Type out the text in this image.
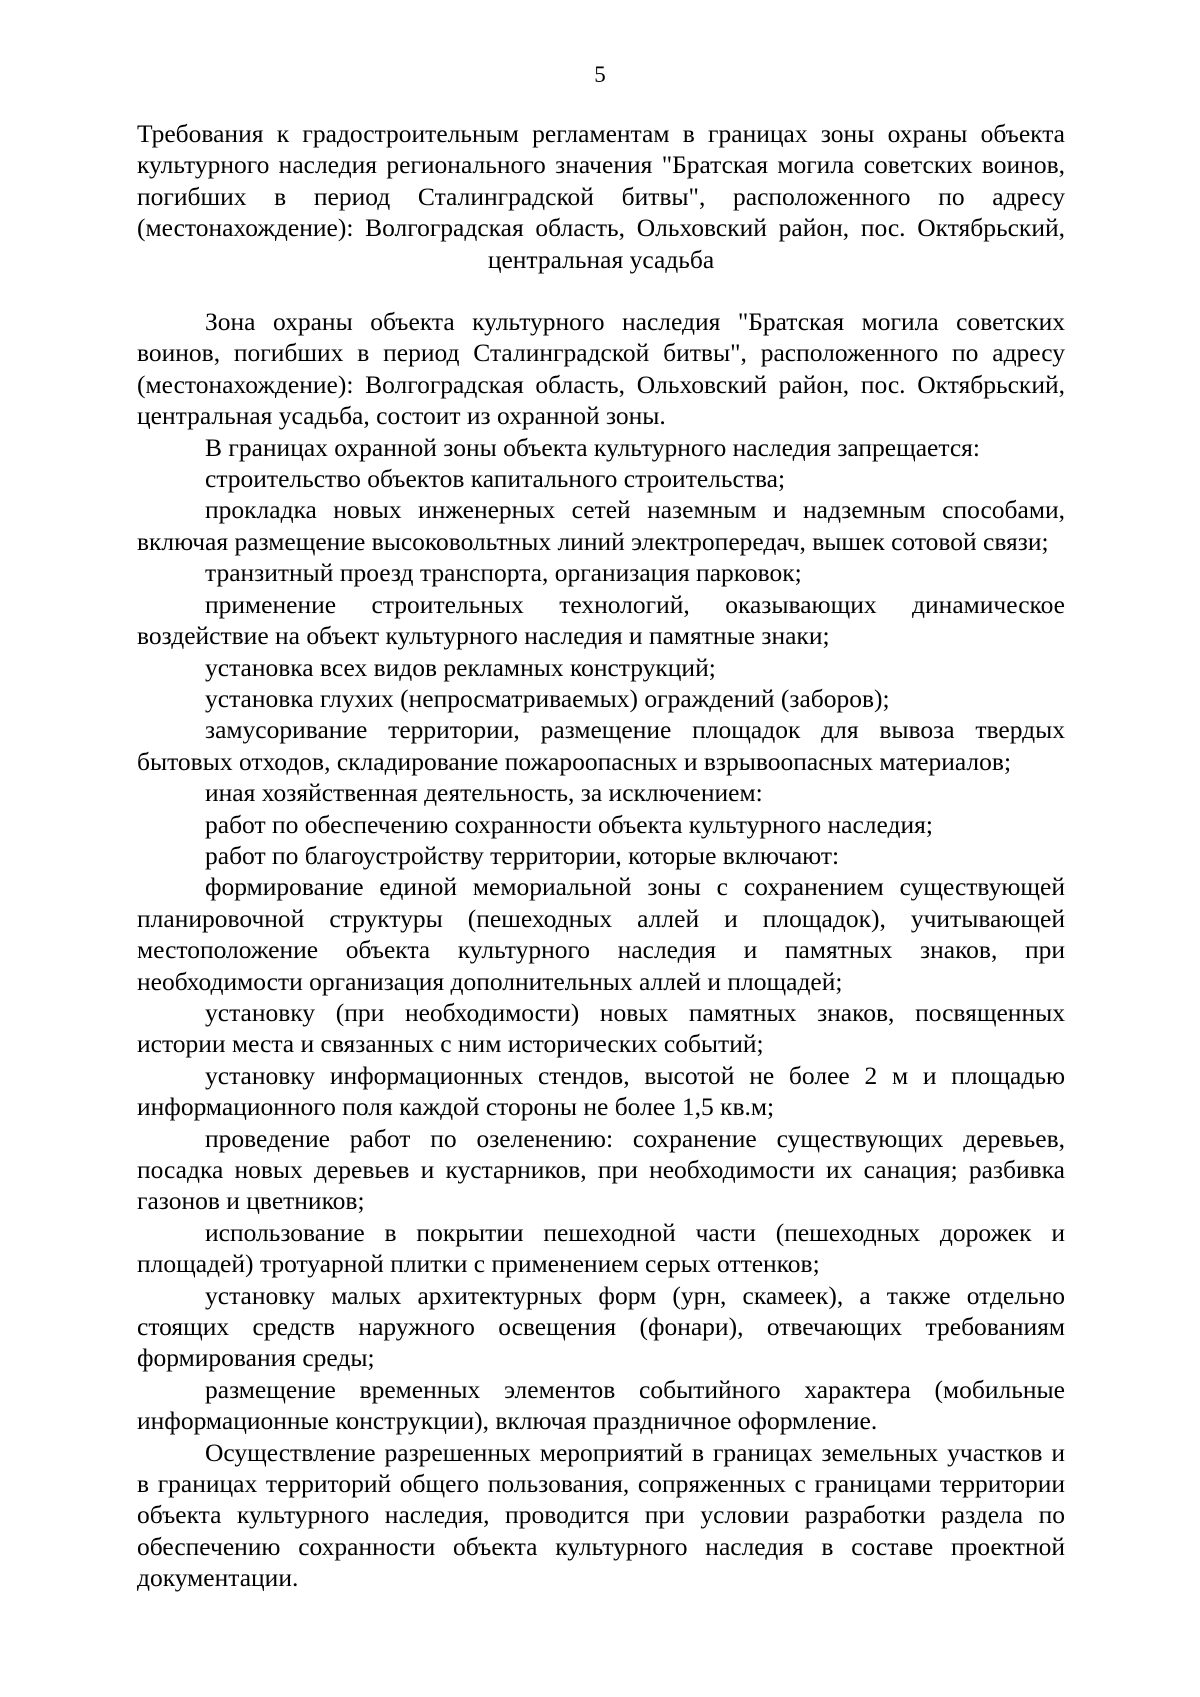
5

Требования к градостроительным регламентам в границах зоны охраны объекта культурного наследия регионального значения "Братская могила советских воинов, погибших в период Сталинградской битвы", расположенного по адресу (местонахождение): Волгоградская область, Ольховский район, пос. Октябрьский, центральная усадьба

Зона охраны объекта культурного наследия "Братская могила советских воинов, погибших в период Сталинградской битвы", расположенного по адресу (местонахождение): Волгоградская область, Ольховский район, пос. Октябрьский, центральная усадьба, состоит из охранной зоны.

В границах охранной зоны объекта культурного наследия запрещается:

строительство объектов капитального строительства;

прокладка новых инженерных сетей наземным и надземным способами, включая размещение высоковольтных линий электропередач, вышек сотовой связи;

транзитный проезд транспорта, организация парковок;

применение строительных технологий, оказывающих динамическое воздействие на объект культурного наследия и памятные знаки;

установка всех видов рекламных конструкций;

установка глухих (непросматриваемых) ограждений (заборов);

замусоривание территории, размещение площадок для вывоза твердых бытовых отходов, складирование пожароопасных и взрывоопасных материалов;

иная хозяйственная деятельность, за исключением:

работ по обеспечению сохранности объекта культурного наследия;

работ по благоустройству территории, которые включают:

формирование единой мемориальной зоны с сохранением существующей планировочной структуры (пешеходных аллей и площадок), учитывающей местоположение объекта культурного наследия и памятных знаков, при необходимости организация дополнительных аллей и площадей;

установку (при необходимости) новых памятных знаков, посвященных истории места и связанных с ним исторических событий;

установку информационных стендов, высотой не более 2 м и площадью информационного поля каждой стороны не более 1,5 кв.м;

проведение работ по озеленению: сохранение существующих деревьев, посадка новых деревьев и кустарников, при необходимости их санация; разбивка газонов и цветников;

использование в покрытии пешеходной части (пешеходных дорожек и площадей) тротуарной плитки с применением серых оттенков;

установку малых архитектурных форм (урн, скамеек), а также отдельно стоящих средств наружного освещения (фонари), отвечающих требованиям формирования среды;

размещение временных элементов событийного характера (мобильные информационные конструкции), включая праздничное оформление.

Осуществление разрешенных мероприятий в границах земельных участков и в границах территорий общего пользования, сопряженных с границами территории объекта культурного наследия, проводится при условии разработки раздела по обеспечению сохранности объекта культурного наследия в составе проектной документации.
